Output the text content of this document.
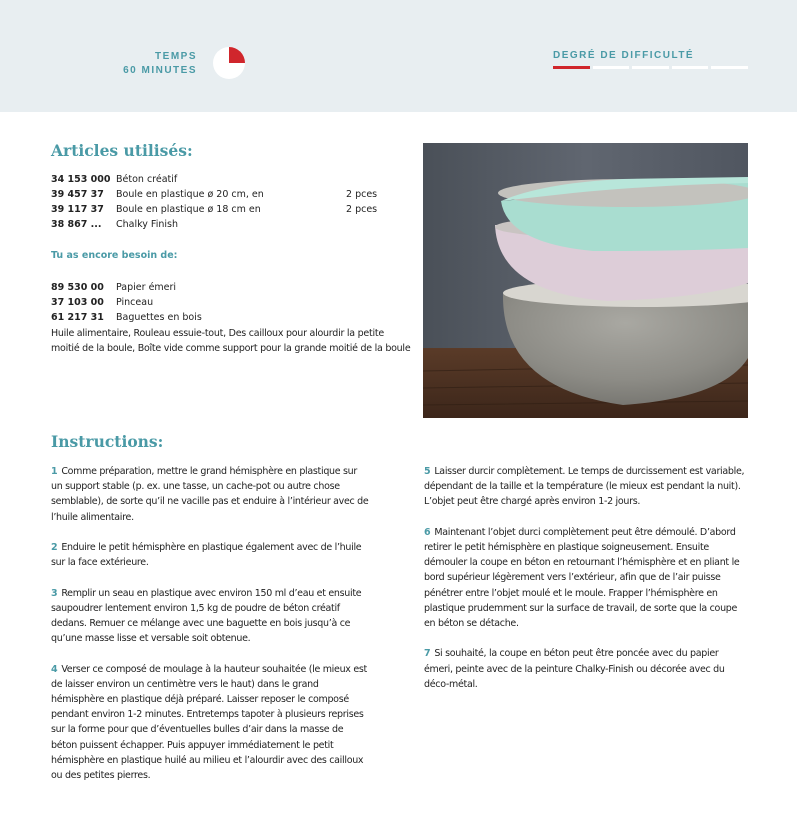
TEMPS
60 MINUTES
DEGRÉ DE DIFFICULTÉ
Articles utilisés:
34 153 000 Béton créatif
39 457 37 Boule en plastique ø 20 cm, en	2 pces
39 117 37 Boule en plastique ø 18 cm en	2 pces
38 867 ... Chalky Finish
Tu as encore besoin de:
89 530 00 Papier émeri
37 103 00 Pinceau
61 217 31 Baguettes en bois
Huile alimentaire, Rouleau essuie-tout, Des cailloux pour alourdir la petite moitié de la boule, Boîte vide comme support pour la grande moitié de la boule
Instructions:

1 Comme préparation, mettre le grand hémisphère en plastique sur un support stable (p. ex. une tasse, un cache-pot ou autre chose semblable), de sorte qu’il ne vacille pas et enduire à l’intérieur avec de l’huile alimentaire.

2 Enduire le petit hémisphère en plastique également avec de l’huile sur la face extérieure.

3 Remplir un seau en plastique avec environ 150 ml d’eau et ensuite saupoudrer lentement environ 1,5 kg de poudre de béton créatif dedans. Remuer ce mélange avec une baguette en bois jusqu’à ce qu’une masse lisse et versable soit obtenue.

4 Verser ce composé de moulage à la hauteur souhaitée (le mieux est de laisser environ un centimètre vers le haut) dans le grand hémisphère en plastique déjà préparé. Laisser reposer le composé pendant environ 1-2 minutes. Entretemps tapoter à plusieurs reprises sur la forme pour que d’éventuelles bulles d’air dans la masse de béton puissent échapper. Puis appuyer immédiatement le petit hémisphère en plastique huilé au milieu et l’alourdir avec des cailloux ou des petites pierres.

5 Laisser durcir complètement. Le temps de durcissement est variable, dépendant de la taille et la température (le mieux est pendant la nuit). L’objet peut être chargé après environ 1-2 jours.

6 Maintenant l’objet durci complètement peut être démoulé. D’abord retirer le petit hémisphère en plastique soigneusement. Ensuite démouler la coupe en béton en retournant l’hémisphère et en pliant le bord supérieur légèrement vers l’extérieur, afin que de l’air puisse pénétrer entre l’objet moulé et le moule. Frapper l’hémisphère en plastique prudemment sur la surface de travail, de sorte que la coupe en béton se détache.

7 Si souhaité, la coupe en béton peut être poncée avec du papier émeri, peinte avec de la peinture Chalky-Finish ou décorée avec du déco-métal.
